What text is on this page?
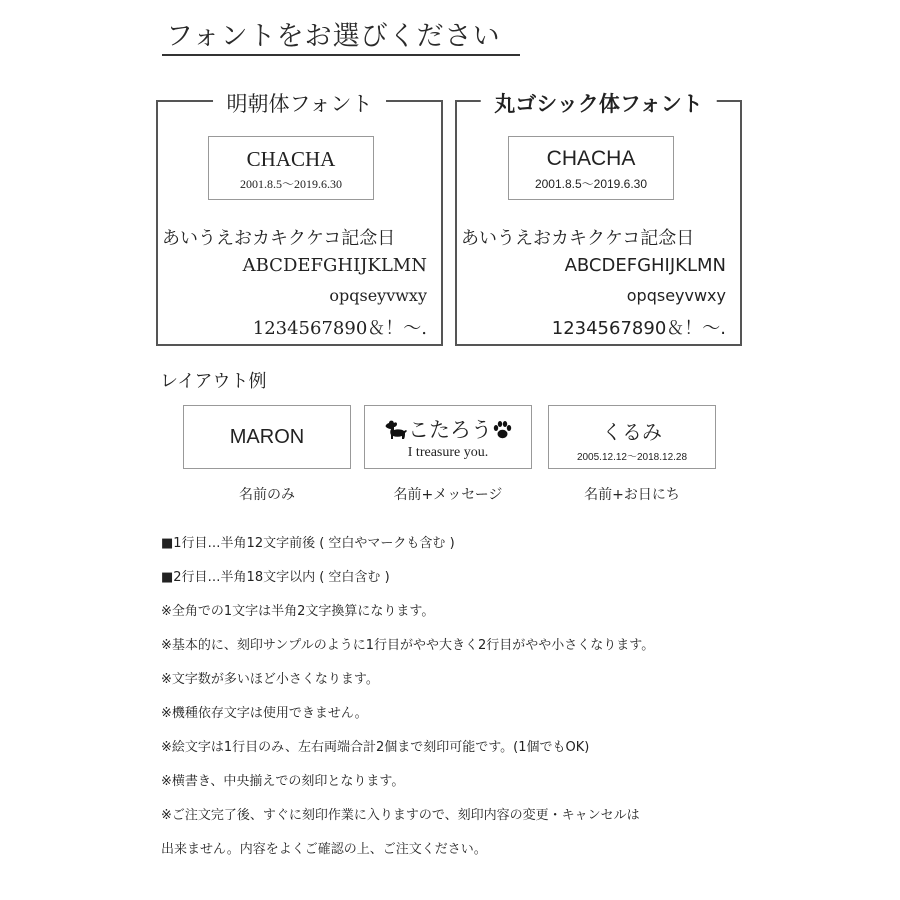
フォントをお選びください
明朝体フォント
CHACHA
2001.8.5～2019.6.30
あいうえおカキクケコ記念日
ABCDEFGHIJKLMN
opqseyvwxy
1234567890＆！～.
丸ゴシック体フォント
CHACHA
2001.8.5～2019.6.30
あいうえおカキクケコ記念日
ABCDEFGHIJKLMN
opqseyvwxy
1234567890＆！～.
レイアウト例
MARON	こたろう
I treasure you.
くるみ
2005.12.12～2018.12.28
名前のみ	名前+メッセージ	名前+お日にち
■1行目…半角12文字前後 ( 空白やマークも含む )
■2行目…半角18文字以内 ( 空白含む )
※全角での1文字は半角2文字換算になります。
※基本的に、刻印サンプルのように1行目がやや大きく2行目がやや小さくなります。
※文字数が多いほど小さくなります。
※機種依存文字は使用できません。
※絵文字は1行目のみ、左右両端合計2個まで刻印可能です。(1個でもOK)
※横書き、中央揃えでの刻印となります。
※ご注文完了後、すぐに刻印作業に入りますので、刻印内容の変更・キャンセルは
出来ません。内容をよくご確認の上、ご注文ください。
